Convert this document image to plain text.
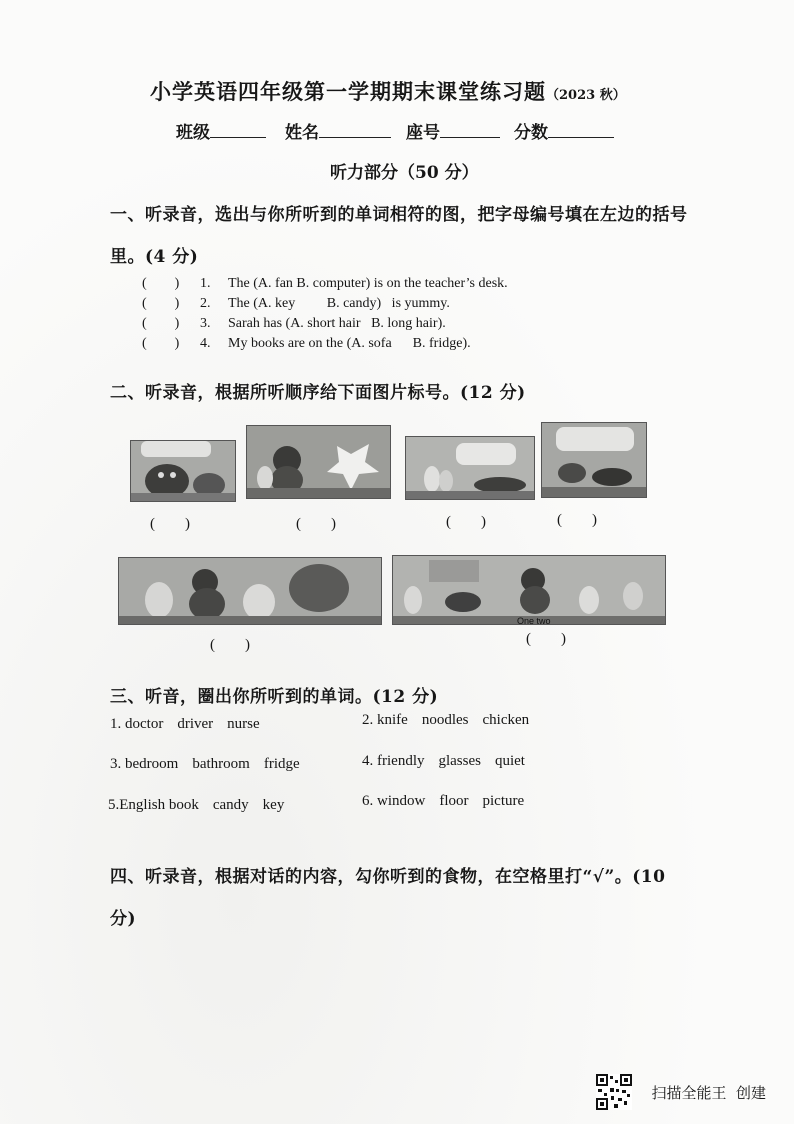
小学英语四年级第一学期期末课堂练习题（2023 秋）
班级	姓名	座号	分数
听力部分（50 分）
一、听录音，选出与你所听到的单词相符的图，把字母编号填在左边的括号
里。(4 分)
(　　) 1. The (A. fan B. computer) is on the teacher’s desk.
(　　) 2. The (A. key         B. candy)   is yummy.
(　　) 3. Sarah has (A. short hair   B. long hair).
(　　) 4. My books are on the (A. sofa      B. fridge).
二、听录音，根据所听顺序给下面图片标号。(12 分)
(　　)	(　　)	(　　)	(　　)
One two
(　　)	(　　)
三、听音，圈出你所听到的单词。(12 分)
1. doctor driver nurse	2. knife noodles chicken
3. bedroom bathroom fridge	4. friendly glasses quiet
5.English book candy key	6. window floor picture
四、听录音，根据对话的内容，勾你听到的食物，在空格里打“√”。(10
分)
扫描全能王  创建
